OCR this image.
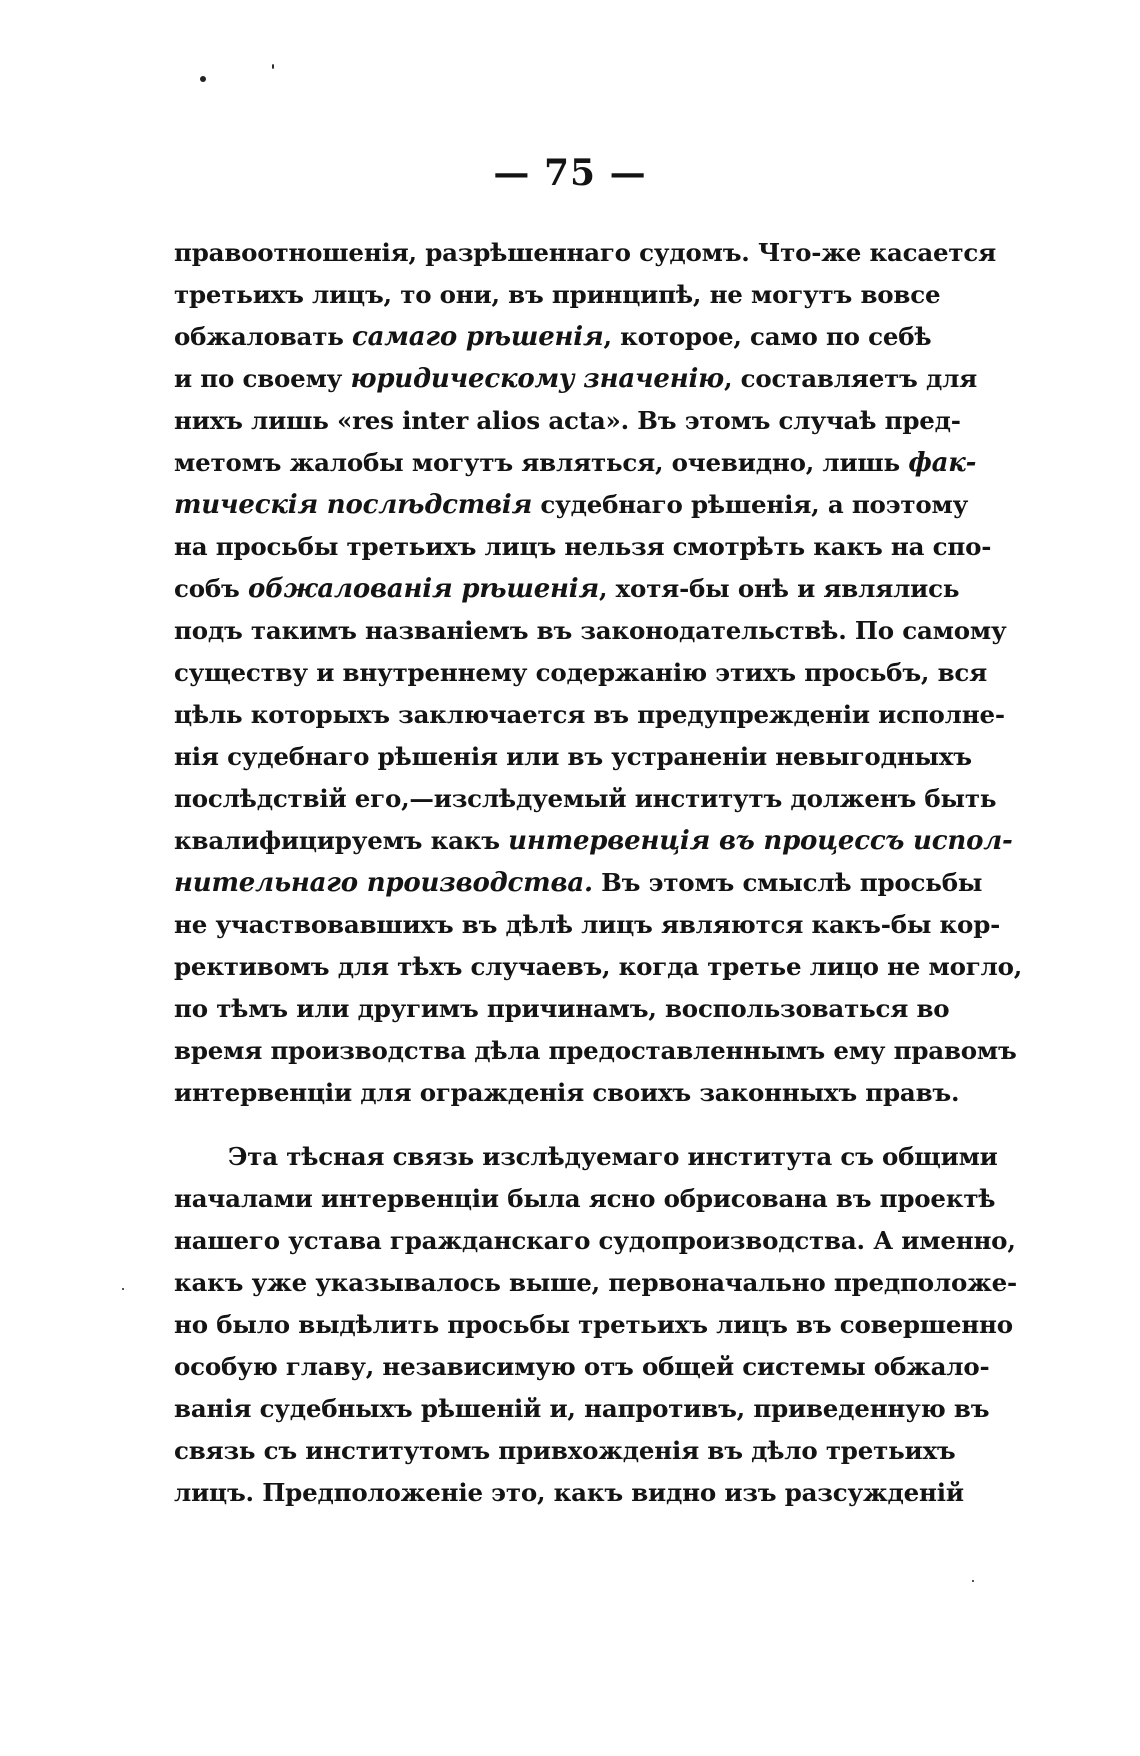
— 75 —
правоотношенія, разрѣшеннаго судомъ. Что-же касается
третьихъ лицъ, то они, въ принципѣ, не могутъ вовсе
обжаловать самаго рѣшенія, которое, само по себѣ
и по своему юридическому значенію, составляетъ для
нихъ лишь «res inter alios acta». Въ этомъ случаѣ пред-
метомъ жалобы могутъ являться, очевидно, лишь фак-
тическія послѣдствія судебнаго рѣшенія, а поэтому
на просьбы третьихъ лицъ нельзя смотрѣть какъ на спо-
собъ обжалованія рѣшенія, хотя-бы онѣ и являлись
подъ такимъ названіемъ въ законодательствѣ. По самому
существу и внутреннему содержанію этихъ просьбъ, вся
цѣль которыхъ заключается въ предупрежденіи исполне-
нія судебнаго рѣшенія или въ устраненіи невыгодныхъ
послѣдствій его,—изслѣдуемый институтъ долженъ быть
квалифицируемъ какъ интервенція въ процессъ испол-
нительнаго производства. Въ этомъ смыслѣ просьбы
не участвовавшихъ въ дѣлѣ лицъ являются какъ-бы кор-
рективомъ для тѣхъ случаевъ, когда третье лицо не могло,
по тѣмъ или другимъ причинамъ, воспользоваться во
время производства дѣла предоставленнымъ ему правомъ
интервенціи для огражденія своихъ законныхъ правъ.
Эта тѣсная связь изслѣдуемаго института съ общими
началами интервенціи была ясно обрисована въ проектѣ
нашего устава гражданскаго судопроизводства. А именно,
какъ уже указывалось выше, первоначально предположе-
но было выдѣлить просьбы третьихъ лицъ въ совершенно
особую главу, независимую отъ общей системы обжало-
ванія судебныхъ рѣшеній и, напротивъ, приведенную въ
связь съ институтомъ привхожденія въ дѣло третьихъ
лицъ. Предположеніе это, какъ видно изъ разсужденій
